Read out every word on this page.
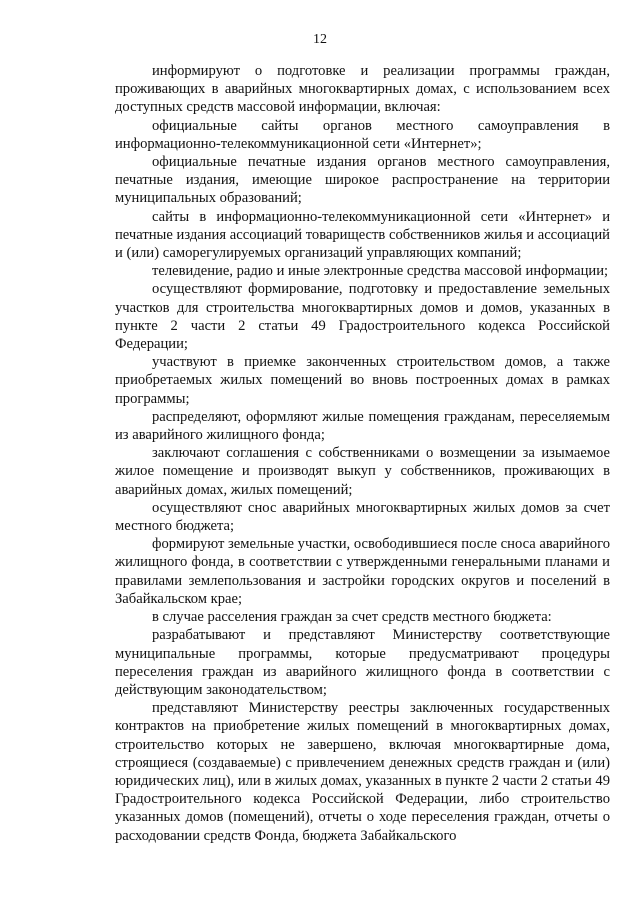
12

информируют о подготовке и реализации программы граждан, проживающих в аварийных многоквартирных домах, с использованием всех доступных средств массовой информации, включая:

официальные сайты органов местного самоуправления в информационно-телекоммуникационной сети «Интернет»;

официальные печатные издания органов местного самоуправления, печатные издания, имеющие широкое распространение на территории муниципальных образований;

сайты в информационно-телекоммуникационной сети «Интернет» и печатные издания ассоциаций товариществ собственников жилья и ассоциаций и (или) саморегулируемых организаций управляющих компаний;

телевидение, радио и иные электронные средства массовой информации;

осуществляют формирование, подготовку и предоставление земельных участков для строительства многоквартирных домов и домов, указанных в пункте 2 части 2 статьи 49 Градостроительного кодекса Российской Федерации;

участвуют в приемке законченных строительством домов, а также приобретаемых жилых помещений во вновь построенных домах в рамках программы;

распределяют, оформляют жилые помещения гражданам, переселяемым из аварийного жилищного фонда;

заключают соглашения с собственниками о возмещении за изымаемое жилое помещение и производят выкуп у собственников, проживающих в аварийных домах, жилых помещений;

осуществляют снос аварийных многоквартирных жилых домов за счет местного бюджета;

формируют земельные участки, освободившиеся после сноса аварийного жилищного фонда, в соответствии с утвержденными генеральными планами и правилами землепользования и застройки городских округов и поселений в Забайкальском крае;

в случае расселения граждан за счет средств местного бюджета:

разрабатывают и представляют Министерству соответствующие муниципальные программы, которые предусматривают процедуры переселения граждан из аварийного жилищного фонда в соответствии с действующим законодательством;

представляют Министерству реестры заключенных государственных контрактов на приобретение жилых помещений в многоквартирных домах, строительство которых не завершено, включая многоквартирные дома, строящиеся (создаваемые) с привлечением денежных средств граждан и (или) юридических лиц), или в жилых домах, указанных в пункте 2 части 2 статьи 49 Градостроительного кодекса Российской Федерации, либо строительство указанных домов (помещений), отчеты о ходе переселения граждан, отчеты о расходовании средств Фонда, бюджета Забайкальского
